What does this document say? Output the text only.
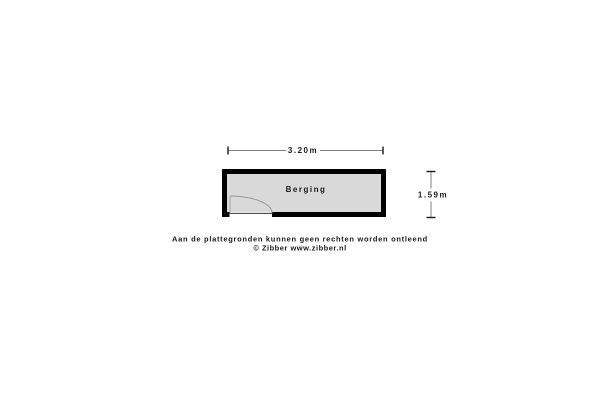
3.20m
1.59m
Berging
Aan de plattegronden kunnen geen rechten worden ontleend
© Zibber www.zibber.nl
